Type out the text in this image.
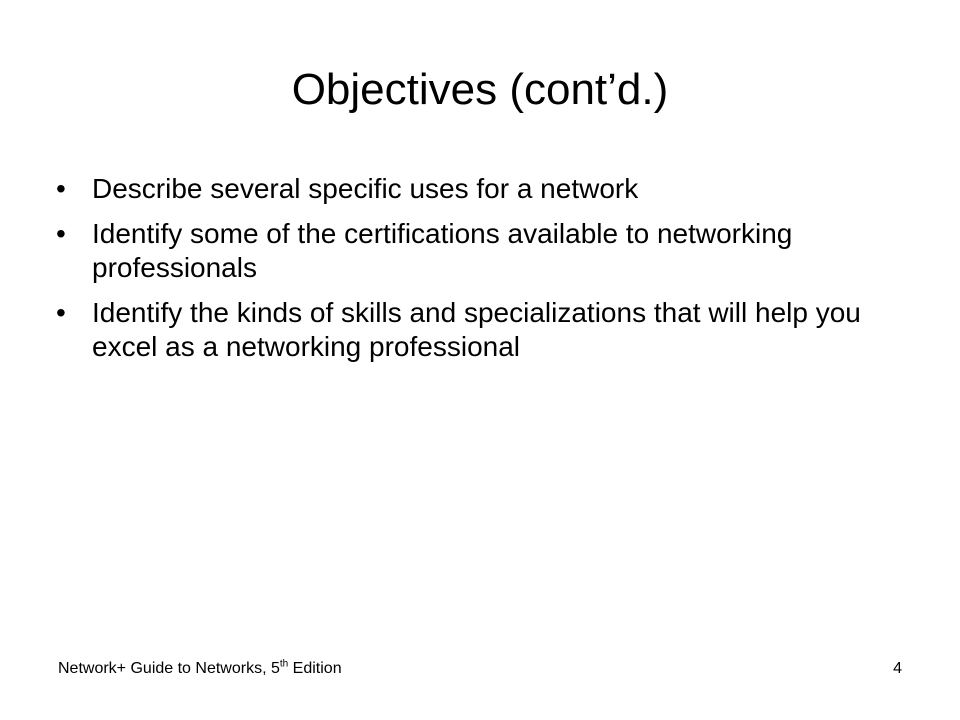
Objectives (cont’d.)
• Describe several specific uses for a network
• Identify some of the certifications available to networking professionals
• Identify the kinds of skills and specializations that will help you excel as a networking professional
Network+ Guide to Networks, 5th Edition	4
